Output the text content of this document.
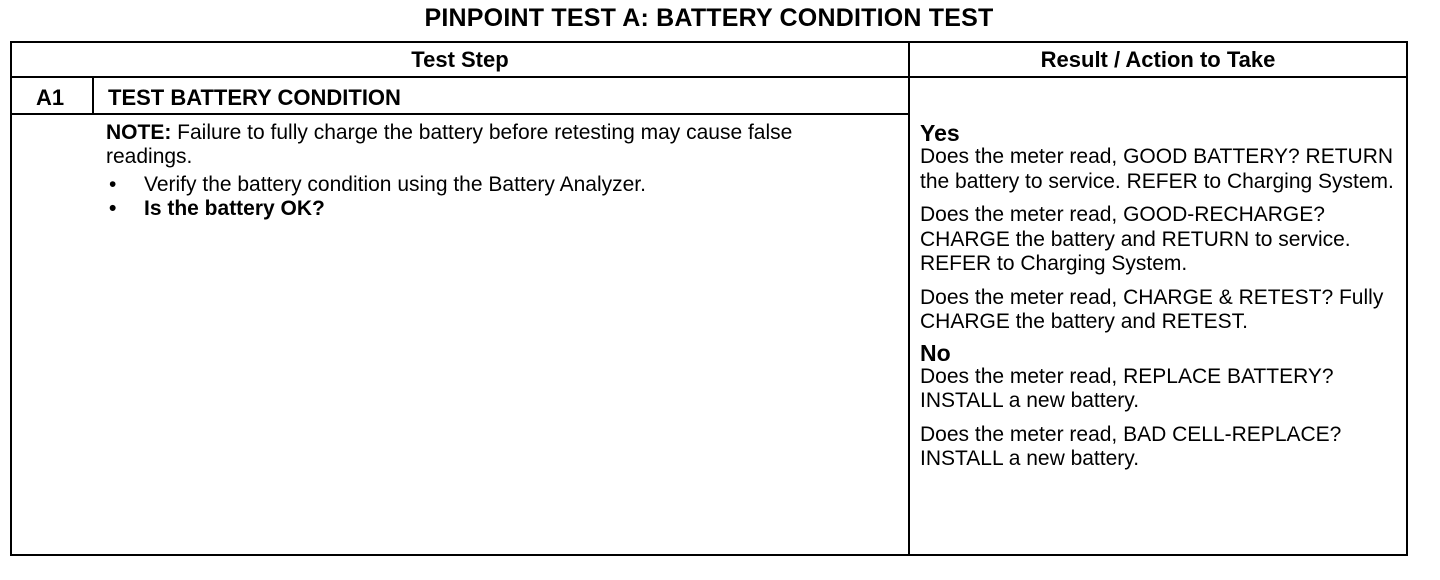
PINPOINT TEST A: BATTERY CONDITION TEST
Test Step	Result / Action to Take
A1 TEST BATTERY CONDITION
NOTE: Failure to fully charge the battery before retesting may cause false readings.
• Verify the battery condition using the Battery Analyzer.
• Is the battery OK?
Yes
Does the meter read, GOOD BATTERY? RETURN the battery to service. REFER to Charging System.
Does the meter read, GOOD-RECHARGE? CHARGE the battery and RETURN to service. REFER to Charging System.
Does the meter read, CHARGE & RETEST? Fully CHARGE the battery and RETEST.
No
Does the meter read, REPLACE BATTERY? INSTALL a new battery.
Does the meter read, BAD CELL-REPLACE? INSTALL a new battery.
